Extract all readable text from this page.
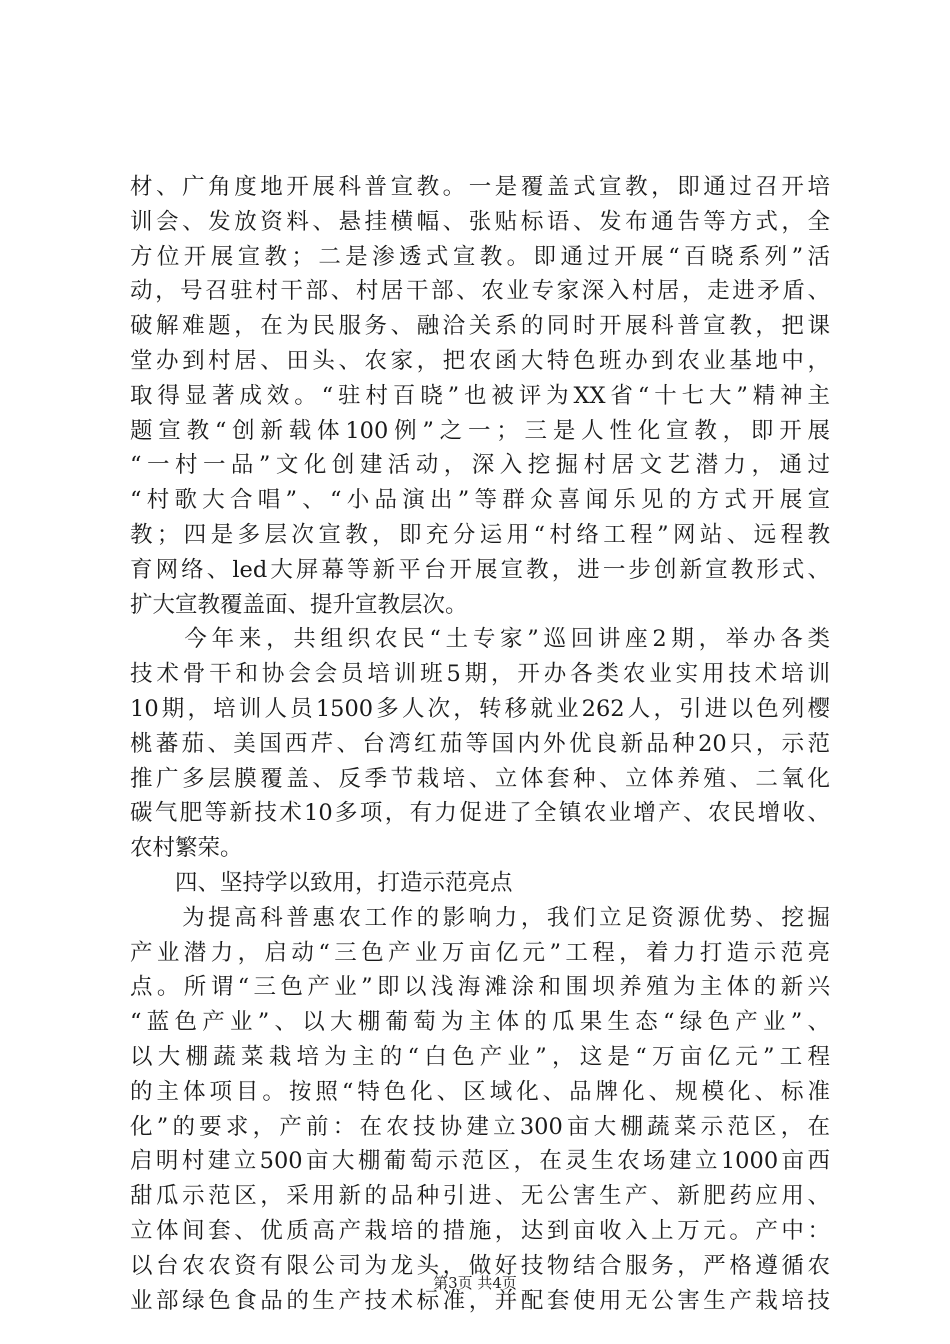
材、广角度地开展科普宣教。一是覆盖式宣教，即通过召开培
训会、发放资料、悬挂横幅、张贴标语、发布通告等方式，全
方位开展宣教；二是渗透式宣教。即通过开展“百晓系列”活
动，号召驻村干部、村居干部、农业专家深入村居，走进矛盾、
破解难题，在为民服务、融洽关系的同时开展科普宣教，把课
堂办到村居、田头、农家，把农函大特色班办到农业基地中，
取得显著成效。“驻村百晓”也被评为XX省“十七大”精神主
题宣教“创新载体100例”之一；三是人性化宣教，即开展
“一村一品”文化创建活动，深入挖掘村居文艺潜力，通过
“村歌大合唱”、“小品演出”等群众喜闻乐见的方式开展宣
教；四是多层次宣教，即充分运用“村络工程”网站、远程教
育网络、led大屏幕等新平台开展宣教，进一步创新宣教形式、
扩大宣教覆盖面、提升宣教层次。
　　今年来，共组织农民“土专家”巡回讲座2期，举办各类
技术骨干和协会会员培训班5期，开办各类农业实用技术培训
10期，培训人员1500多人次，转移就业262人，引进以色列樱
桃蕃茄、美国西芹、台湾红茄等国内外优良新品种20只，示范
推广多层膜覆盖、反季节栽培、立体套种、立体养殖、二氧化
碳气肥等新技术10多项，有力促进了全镇农业增产、农民增收、
农村繁荣。
　　四、坚持学以致用，打造示范亮点
　　为提高科普惠农工作的影响力，我们立足资源优势、挖掘
产业潜力，启动“三色产业万亩亿元”工程，着力打造示范亮
点。所谓“三色产业”即以浅海滩涂和围坝养殖为主体的新兴
“蓝色产业”、以大棚葡萄为主体的瓜果生态“绿色产业”、
以大棚蔬菜栽培为主的“白色产业”，这是“万亩亿元”工程
的主体项目。按照“特色化、区域化、品牌化、规模化、标准
化”的要求，产前：在农技协建立300亩大棚蔬菜示范区，在
启明村建立500亩大棚葡萄示范区，在灵生农场建立1000亩西
甜瓜示范区，采用新的品种引进、无公害生产、新肥药应用、
立体间套、优质高产栽培的措施，达到亩收入上万元。产中：
以台农农资有限公司为龙头，做好技物结合服务，严格遵循农
业部绿色食品的生产技术标准，并配套使用无公害生产栽培技
第3页 共4页
